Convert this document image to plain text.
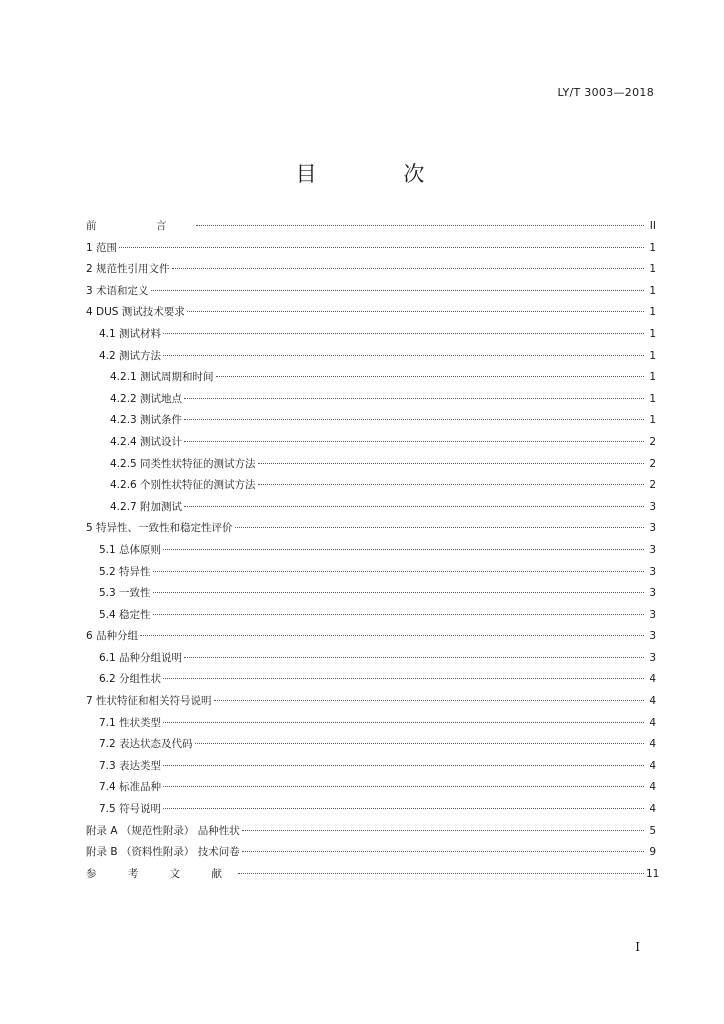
LY/T 3003—2018
目 次
前 言	II
1 范围	1
2 规范性引用文件	1
3 术语和定义	1
4 DUS 测试技术要求	1
4.1 测试材料	1
4.2 测试方法	1
4.2.1 测试周期和时间	1
4.2.2 测试地点	1
4.2.3 测试条件	1
4.2.4 测试设计	2
4.2.5 同类性状特征的测试方法	2
4.2.6 个别性状特征的测试方法	2
4.2.7 附加测试	3
5 特异性、一致性和稳定性评价	3
5.1 总体原则	3
5.2 特异性	3
5.3 一致性	3
5.4 稳定性	3
6 品种分组	3
6.1 品种分组说明	3
6.2 分组性状	4
7 性状特征和相关符号说明	4
7.1 性状类型	4
7.2 表达状态及代码	4
7.3 表达类型	4
7.4 标准品种	4
7.5 符号说明	4
附录 A （规范性附录） 品种性状	5
附录 B （资料性附录） 技术问卷	9
参 考 文 献	11
I
